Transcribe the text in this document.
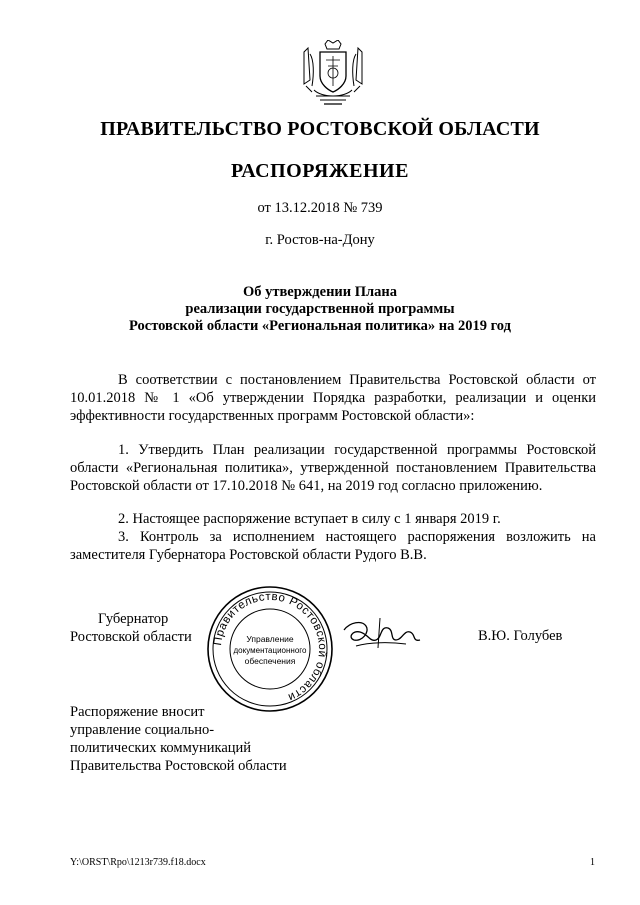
ПРАВИТЕЛЬСТВО РОСТОВСКОЙ ОБЛАСТИ
РАСПОРЯЖЕНИЕ
от 13.12.2018 № 739
г. Ростов-на-Дону
Об утверждении Плана
реализации государственной программы
Ростовской области «Региональная политика» на 2019 год
В соответствии с постановлением Правительства Ростовской области от 10.01.2018 № 1 «Об утверждении Порядка разработки, реализации и оценки эффективности государственных программ Ростовской области»:
1. Утвердить План реализации государственной программы Ростовской области «Региональная политика», утвержденной постановлением Правительства Ростовской области от 17.10.2018 № 641, на 2019 год согласно приложению.
2. Настоящее распоряжение вступает в силу с 1 января 2019 г.
3. Контроль за исполнением настоящего распоряжения возложить на заместителя Губернатора Ростовской области Рудого В.В.
Губернатор
Ростовской области	Правительство Ростовской области
Управление
документационного
обеспечения
В.Ю. Голубев
Распоряжение вносит
управление социально-
политических коммуникаций
Правительства Ростовской области
Y:\ORST\Rpo\1213r739.f18.docx	1
